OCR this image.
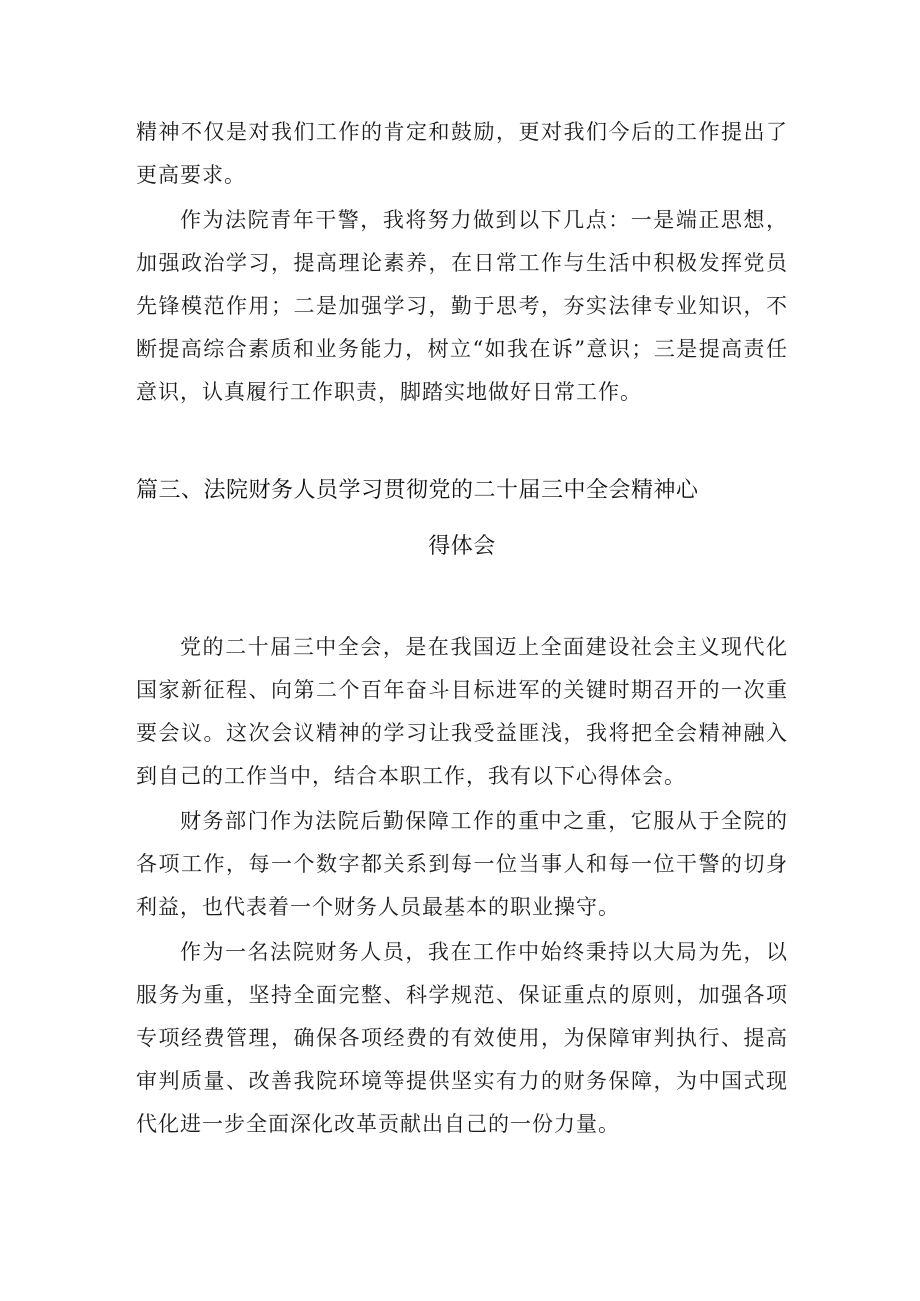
精神不仅是对我们工作的肯定和鼓励，更对我们今后的工作提出了更高要求。

作为法院青年干警，我将努力做到以下几点：一是端正思想，加强政治学习，提高理论素养，在日常工作与生活中积极发挥党员先锋模范作用；二是加强学习，勤于思考，夯实法律专业知识，不断提高综合素质和业务能力，树立“如我在诉”意识；三是提高责任意识，认真履行工作职责，脚踏实地做好日常工作。

篇三、法院财务人员学习贯彻党的二十届三中全会精神心
得体会

党的二十届三中全会，是在我国迈上全面建设社会主义现代化国家新征程、向第二个百年奋斗目标进军的关键时期召开的一次重要会议。这次会议精神的学习让我受益匪浅，我将把全会精神融入到自己的工作当中，结合本职工作，我有以下心得体会。

财务部门作为法院后勤保障工作的重中之重，它服从于全院的各项工作，每一个数字都关系到每一位当事人和每一位干警的切身利益，也代表着一个财务人员最基本的职业操守。

作为一名法院财务人员，我在工作中始终秉持以大局为先，以服务为重，坚持全面完整、科学规范、保证重点的原则，加强各项专项经费管理，确保各项经费的有效使用，为保障审判执行、提高审判质量、改善我院环境等提供坚实有力的财务保障，为中国式现代化进一步全面深化改革贡献出自己的一份力量。
